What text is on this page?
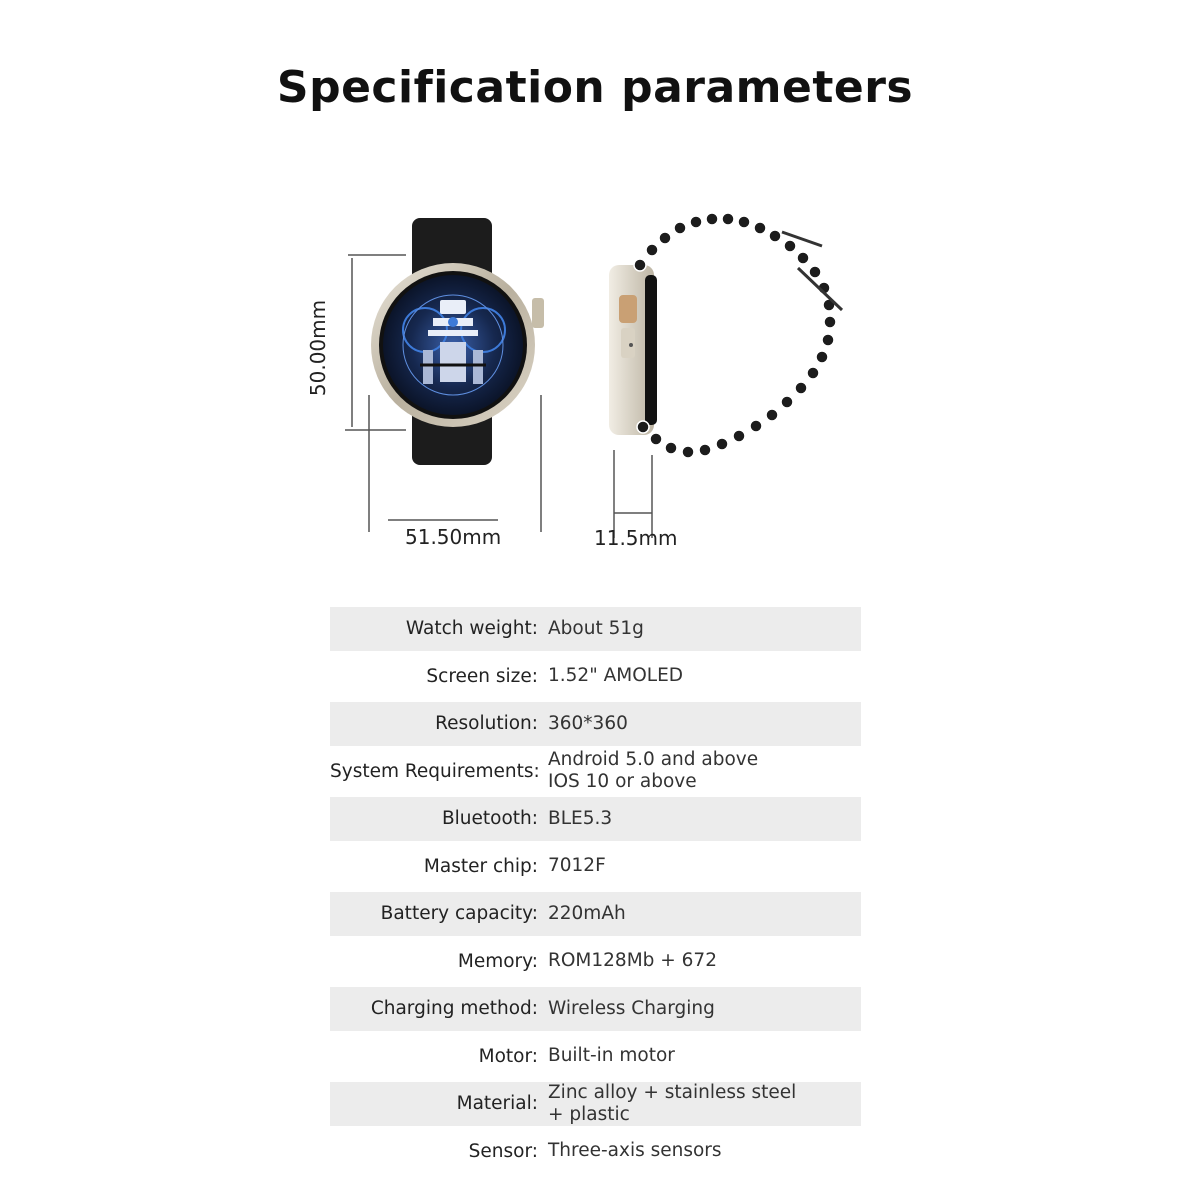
Specification parameters
50.00mm
51.50mm	11.5mm
Watch weight: About 51g
Screen size: 1.52" AMOLED
Resolution: 360*360
System Requirements:
Android 5.0 and above
IOS 10 or above
Bluetooth: BLE5.3
Master chip: 7012F
Battery capacity: 220mAh
Memory: ROM128Mb + 672
Charging method: Wireless Charging
Motor: Built-in motor
Material:
Zinc alloy + stainless steel
+ plastic
Sensor: Three-axis sensors
